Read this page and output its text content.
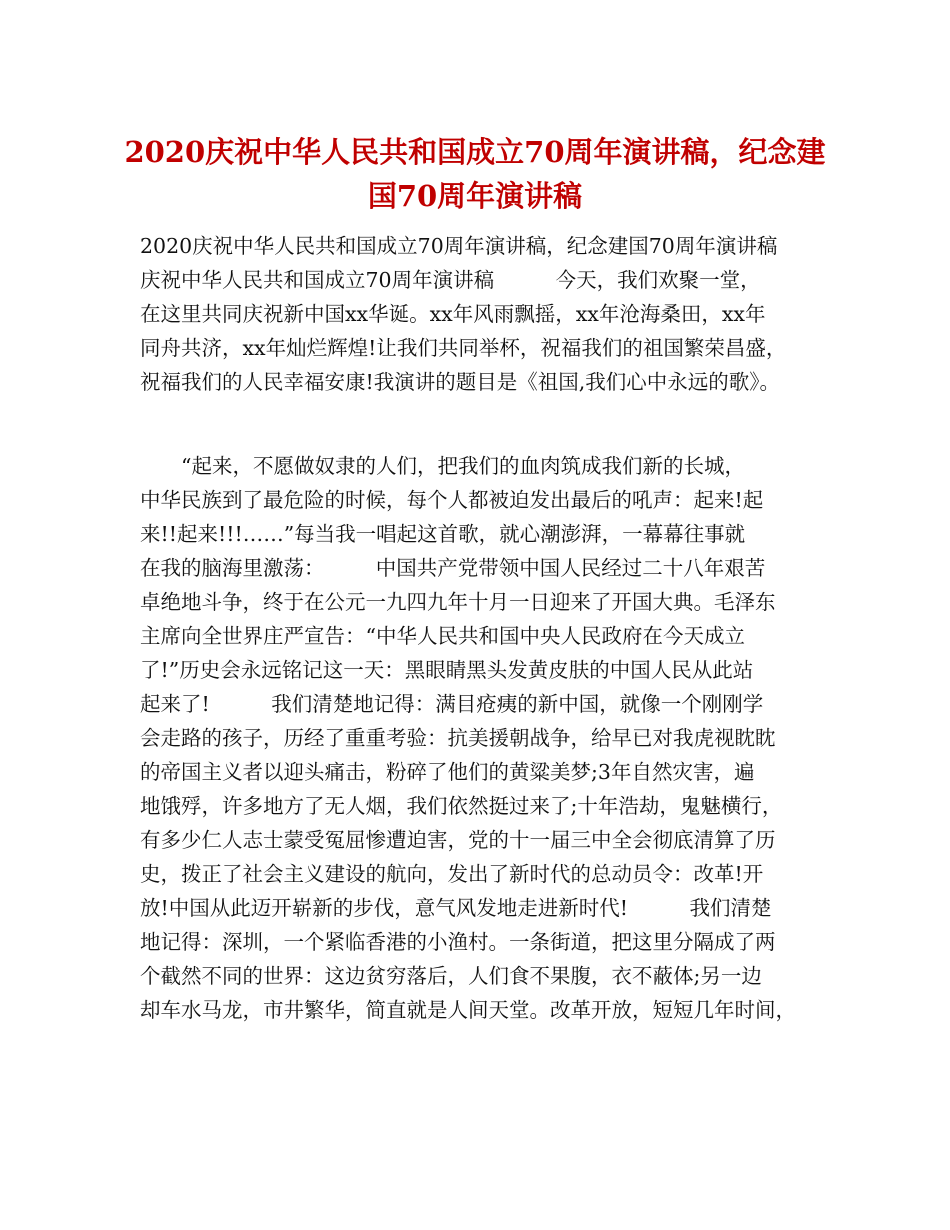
2020庆祝中华人民共和国成立70周年演讲稿，纪念建
国70周年演讲稿
2020庆祝中华人民共和国成立70周年演讲稿，纪念建国70周年演讲稿
庆祝中华人民共和国成立70周年演讲稿　　　今天，我们欢聚一堂，
在这里共同庆祝新中国xx华诞。xx年风雨飘摇，xx年沧海桑田，xx年
同舟共济，xx年灿烂辉煌!让我们共同举杯，祝福我们的祖国繁荣昌盛，
祝福我们的人民幸福安康!我演讲的题目是《祖国,我们心中永远的歌》。
　　“起来，不愿做奴隶的人们，把我们的血肉筑成我们新的长城，
中华民族到了最危险的时候，每个人都被迫发出最后的吼声：起来!起
来!!起来!!!……”每当我一唱起这首歌，就心潮澎湃，一幕幕往事就
在我的脑海里激荡：　　　中国共产党带领中国人民经过二十八年艰苦
卓绝地斗争，终于在公元一九四九年十月一日迎来了开国大典。毛泽东
主席向全世界庄严宣告：“中华人民共和国中央人民政府在今天成立
了!”历史会永远铭记这一天：黑眼睛黑头发黄皮肤的中国人民从此站
起来了!　　　我们清楚地记得：满目疮痍的新中国，就像一个刚刚学
会走路的孩子，历经了重重考验：抗美援朝战争，给早已对我虎视眈眈
的帝国主义者以迎头痛击，粉碎了他们的黄粱美梦;3年自然灾害，遍
地饿殍，许多地方了无人烟，我们依然挺过来了;十年浩劫，鬼魅横行，
有多少仁人志士蒙受冤屈惨遭迫害，党的十一届三中全会彻底清算了历
史，拨正了社会主义建设的航向，发出了新时代的总动员令：改革!开
放!中国从此迈开崭新的步伐，意气风发地走进新时代!　　　我们清楚
地记得：深圳，一个紧临香港的小渔村。一条街道，把这里分隔成了两
个截然不同的世界：这边贫穷落后，人们食不果腹，衣不蔽体;另一边
却车水马龙，市井繁华，简直就是人间天堂。改革开放，短短几年时间，
